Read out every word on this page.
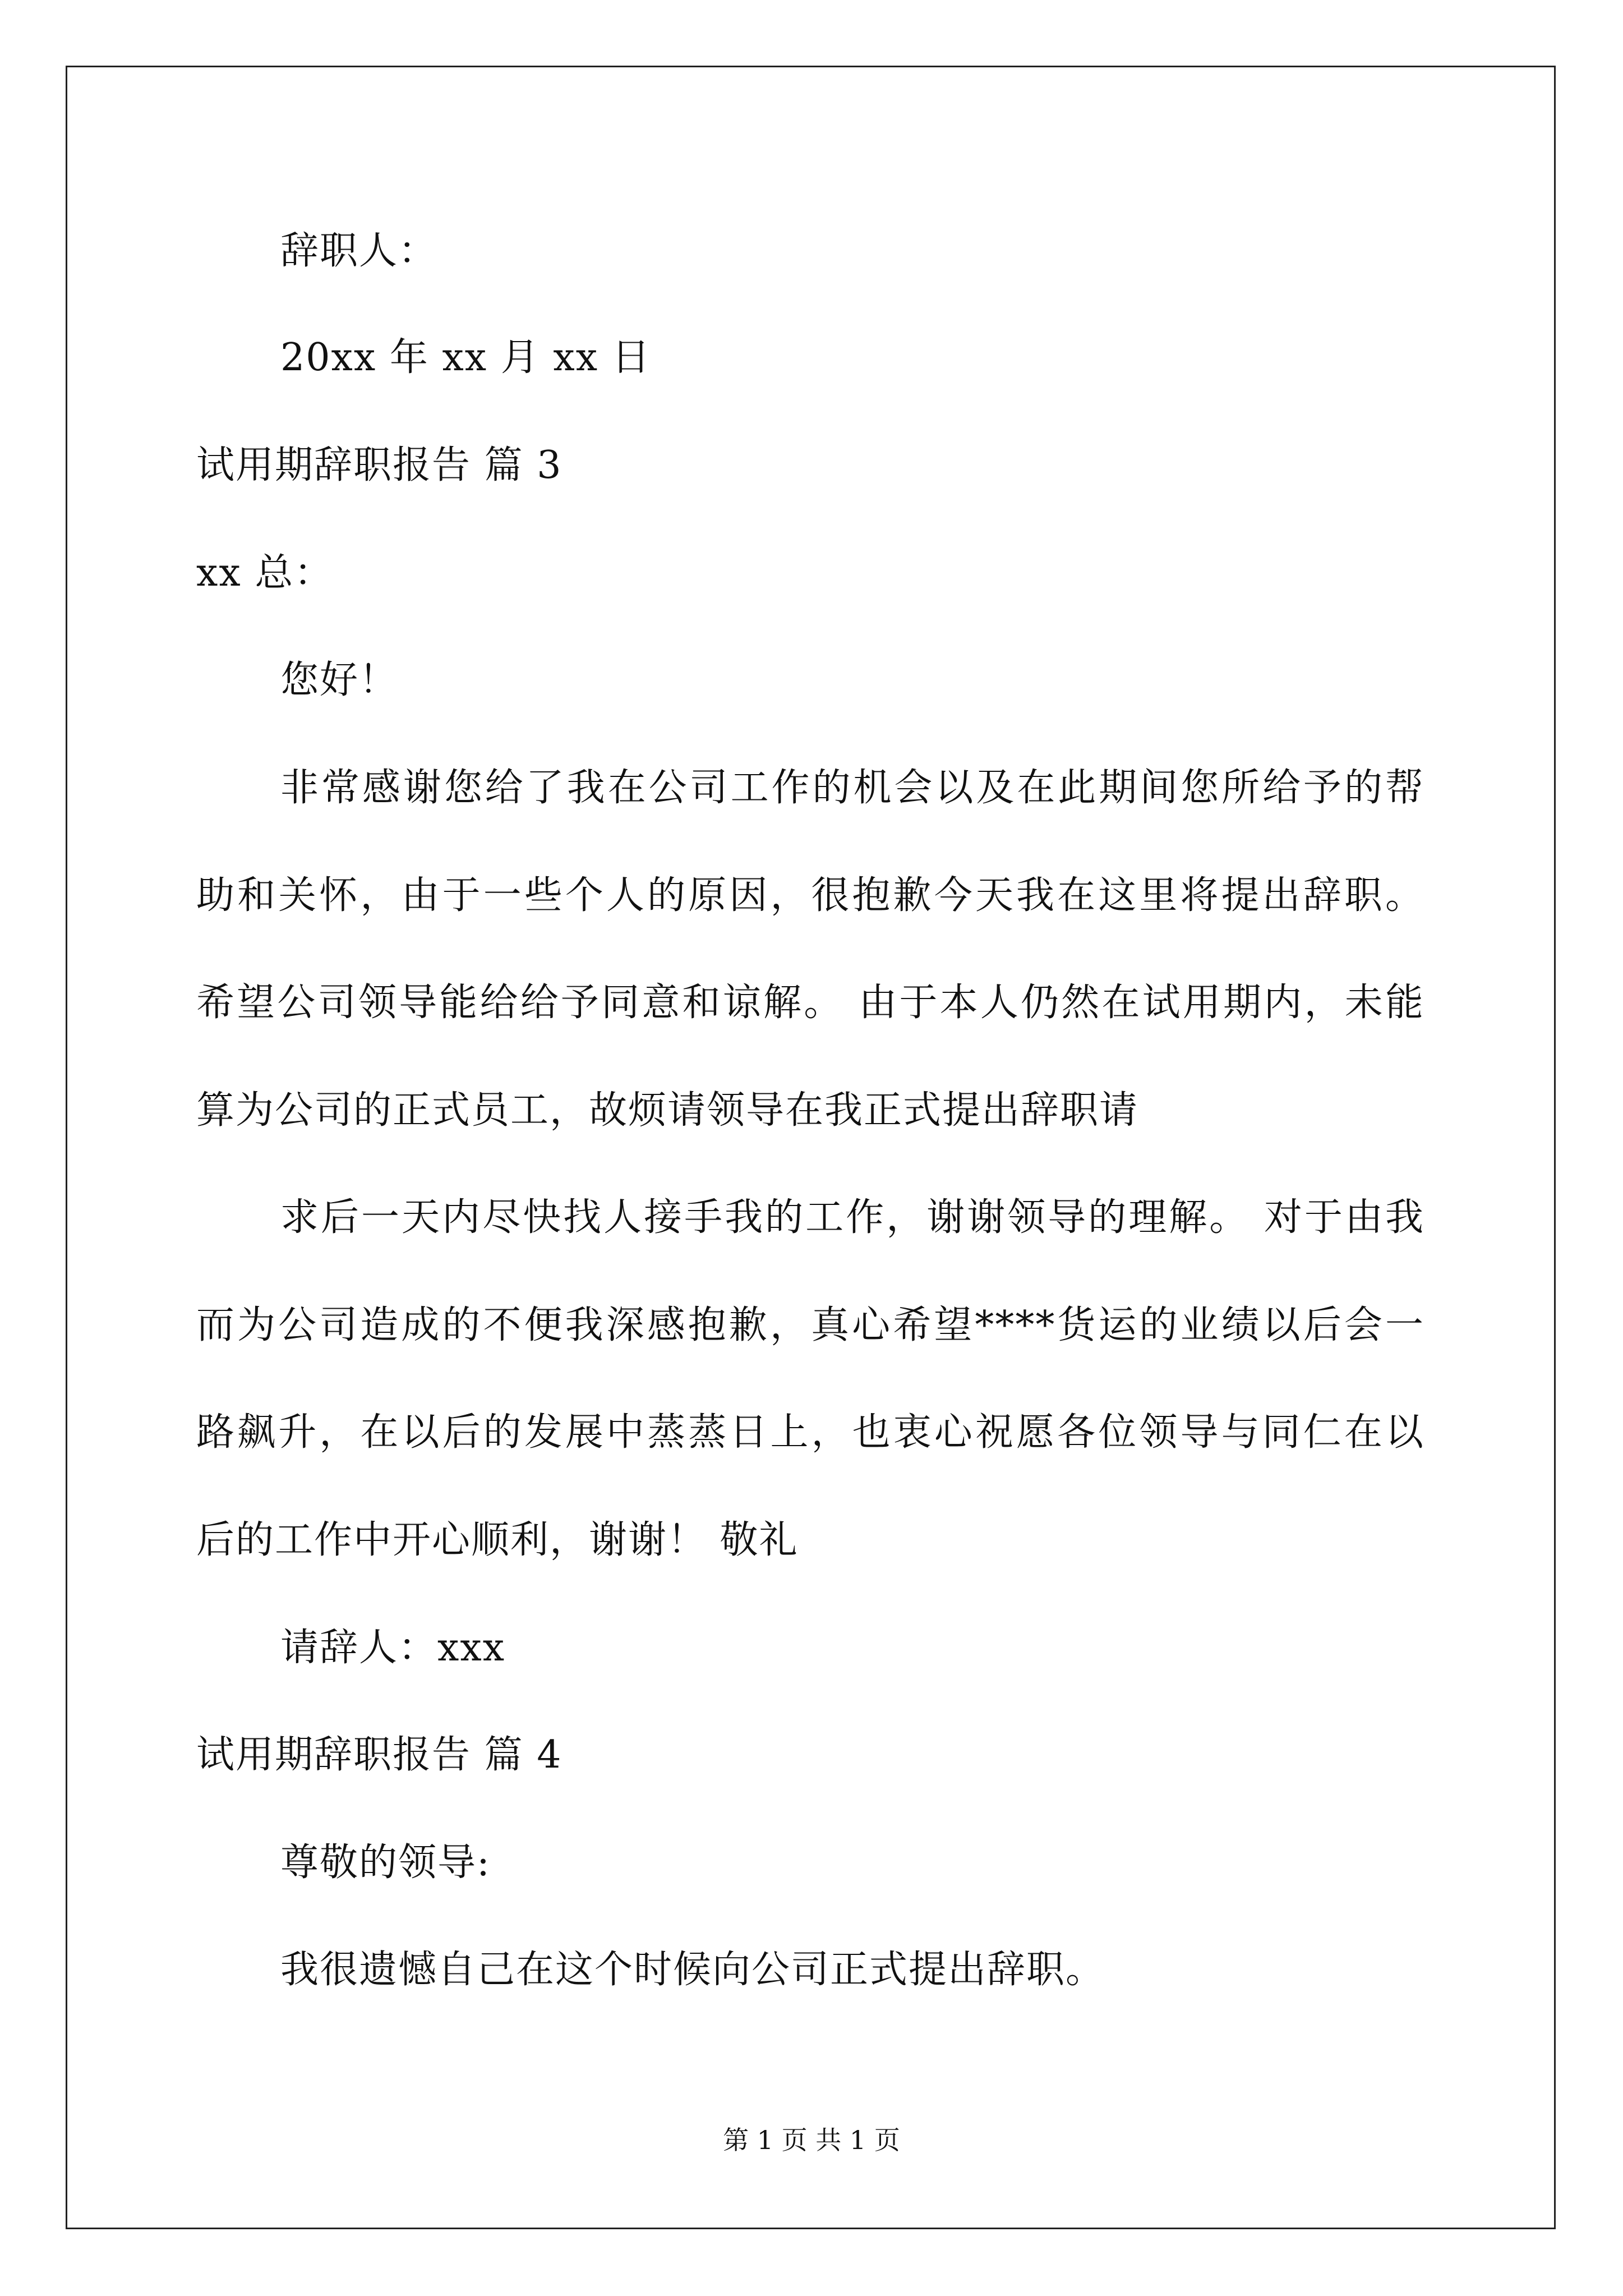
辞职人：
20xx 年 xx 月 xx 日
试用期辞职报告 篇 3
xx 总：
您好！
非常感谢您给了我在公司工作的机会以及在此期间您所给予的帮
助和关怀，由于一些个人的原因，很抱歉今天我在这里将提出辞职。
希望公司领导能给给予同意和谅解。 由于本人仍然在试用期内，未能
算为公司的正式员工，故烦请领导在我正式提出辞职请
求后一天内尽快找人接手我的工作，谢谢领导的理解。 对于由我
而为公司造成的不便我深感抱歉，真心希望****货运的业绩以后会一
路飙升，在以后的发展中蒸蒸日上，也衷心祝愿各位领导与同仁在以
后的工作中开心顺利，谢谢！ 敬礼
请辞人：xxx
试用期辞职报告 篇 4
尊敬的领导:
我很遗憾自己在这个时候向公司正式提出辞职。
第 1 页 共 1 页
